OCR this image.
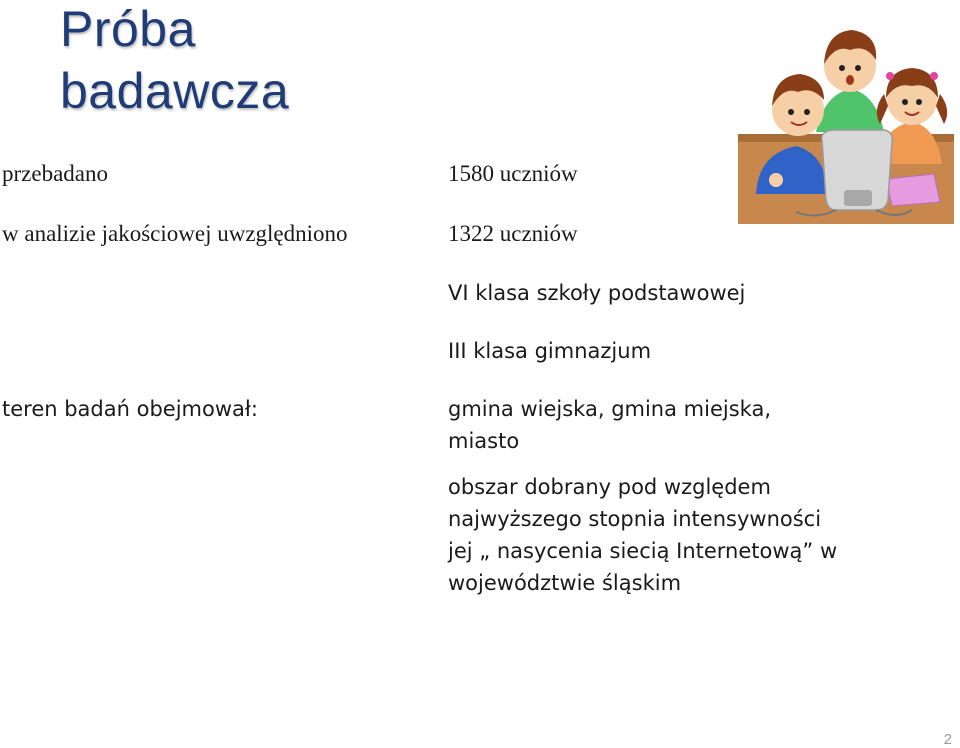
Próba
badawcza
przebadano
w analizie jakościowej uwzględniono
teren badań obejmował:
1580 uczniów
1322 uczniów
VI klasa szkoły podstawowej
III klasa gimnazjum
gmina wiejska, gmina miejska,
miasto
obszar dobrany pod względem
najwyższego stopnia intensywności
jej „ nasycenia siecią Internetową” w
województwie śląskim
2
